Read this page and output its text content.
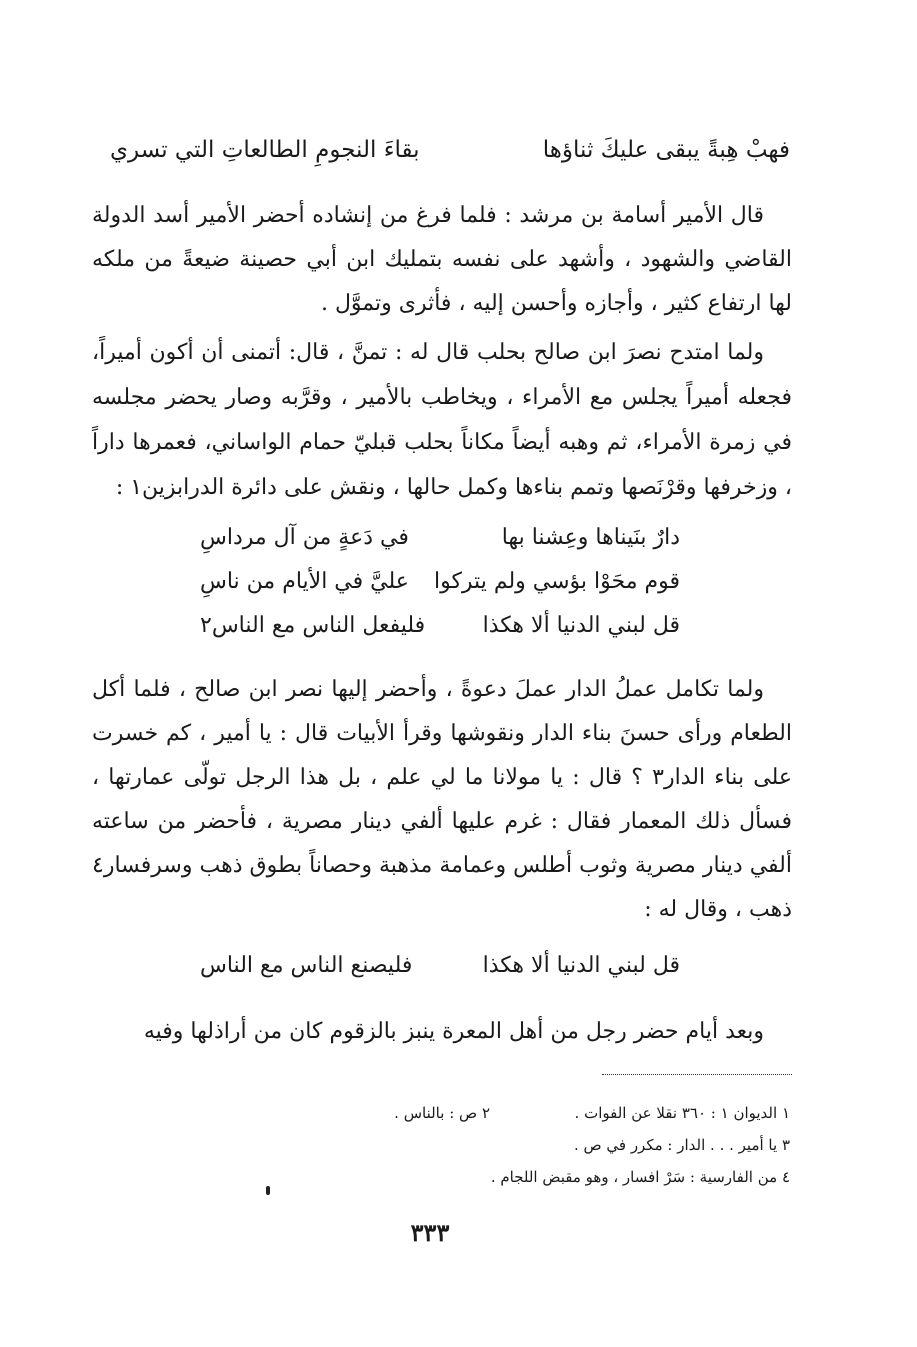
فهبْ هِبةً يبقى عليكَ ثناؤها
بقاءَ النجومِ الطالعاتِ التي تسري

قال الأمير أسامة بن مرشد : فلما فرغ من إنشاده أحضر الأمير أسد الدولة القاضي والشهود ، وأشهد على نفسه بتمليك ابن أبي حصينة ضيعةً من ملكه لها ارتفاع كثير ، وأجازه وأحسن إليه ، فأثرى وتموَّل .

ولما امتدح نصرَ ابن صالح بحلب قال له : تمنَّ ، قال: أتمنى أن أكون أميراً، فجعله أميراً يجلس مع الأمراء ، ويخاطب بالأمير ، وقرَّبه وصار يحضر مجلسه في زمرة الأمراء، ثم وهبه أيضاً مكاناً بحلب قبليّ حمام الواساني، فعمرها داراً ، وزخرفها وقرْنَصها وتمم بناءها وكمل حالها ، ونقش على دائرة الدرابزين١ :

دارٌ بنَيناها وعِشنا بها
في دَعةٍ من آل مرداسِ
قوم محَوْا بؤسي ولم يتركوا
عليَّ في الأيام من ناسِ
قل لبني الدنيا ألا هكذا
فليفعل الناس مع الناس٢

ولما تكامل عملُ الدار عملَ دعوةً ، وأحضر إليها نصر ابن صالح ، فلما أكل الطعام ورأى حسنَ بناء الدار ونقوشها وقرأ الأبيات قال : يا أمير ، كم خسرت على بناء الدار٣ ؟ قال : يا مولانا ما لي علم ، بل هذا الرجل تولّى عمارتها ، فسأل ذلك المعمار فقال : غرم عليها ألفي دينار مصرية ، فأحضر من ساعته ألفي دينار مصرية وثوب أطلس وعمامة مذهبة وحصاناً بطوق ذهب وسرفسار٤ ذهب ، وقال له :

قل لبني الدنيا ألا هكذا
فليصنع الناس مع الناس

وبعد أيام حضر رجل من أهل المعرة ينبز بالزقوم كان من أراذلها وفيه

١ الديوان ١ : ٣٦٠ نقلا عن الفوات .
٢ ص : بالناس .
٣ يا أمير . . . الدار : مكرر في ص .
٤ من الفارسية : سَرْ افسار ، وهو مقبض اللجام .
٣٣٣
